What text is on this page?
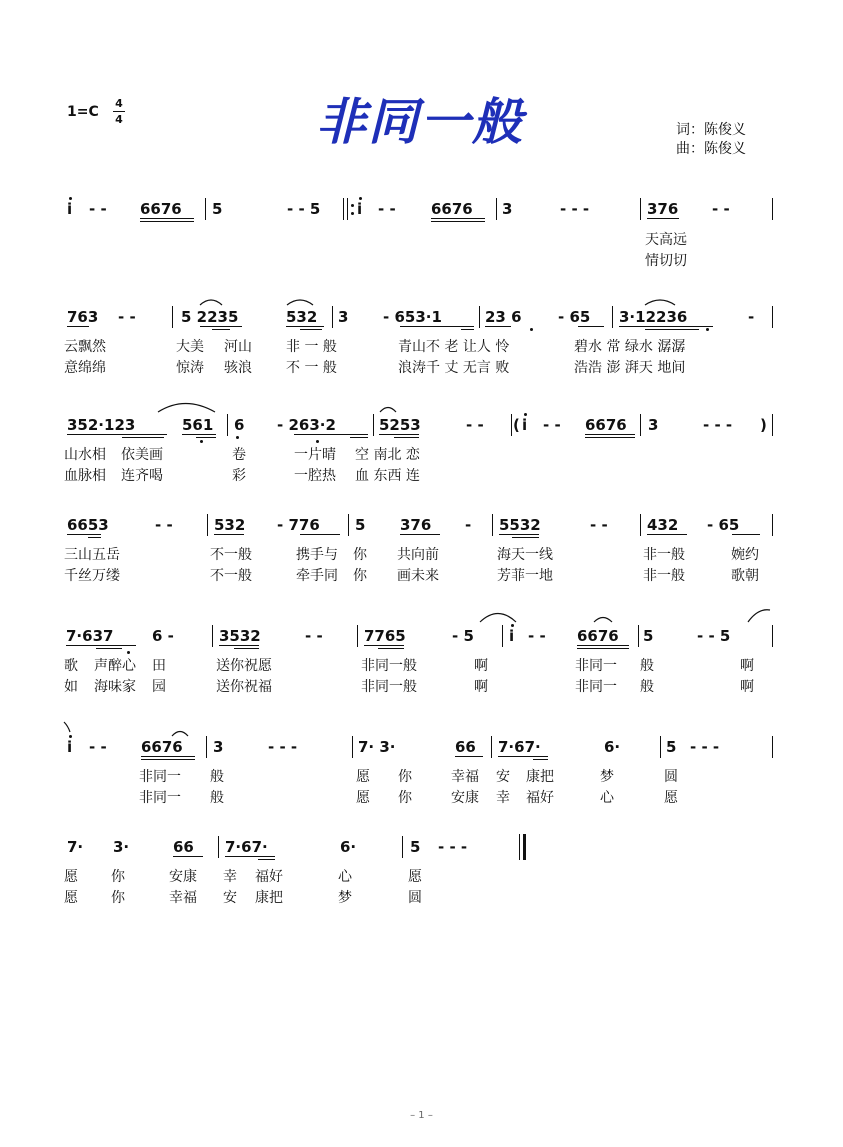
1=C
4
4	非同一般	词：陈俊义
曲：陈俊义
i - - 6676 5	- - 5 i - - 6676 3	- - -	376 - -
天高远
情切切
763 - -	5 2235	532 3 - 653·1	23 6 - 65 3·12236	-
云飘然	大美 河山 非 一 般	青山不 老 让人 怜	碧水 常 绿水 潺潺
意绵绵	惊涛 骇浪 不 一 般	浪涛千 丈 无言 败	浩浩 澎 湃天 地间
352·123	561 6 - 263·2	5253	- - ( i - - 6676 3	- - - )
山水相 依美画	卷	一片晴 空 南北 恋
血脉相 连齐喝	彩	一腔热 血 东西 连
6653	- -	532 - 776 5 376 - 5532	- -	432 - 65
三山五岳	不一般	携手与 你 共向前	海天一线	非一般	婉约
千丝万缕	不一般	牵手同 你 画未来	芳菲一地	非一般	歌朝
7·637	6 -	3532	- -	7765	- 5 i - - 6676 5	- - 5
歌 声醉心 田	送你祝愿	非同一般	啊	非同一 般	啊
如 海味家 园	送你祝福	非同一般	啊	非同一 般	啊
i - - 6676 3	- - -	7· 3·	66 7·67·	6·	5 - - -
非同一 般	愿 你	幸福 安 康把	梦	圆
非同一 般	愿 你	安康 幸 福好	心	愿
7· 3·	66 7·67·	6·	5 - - -
愿 你	安康 幸 福好	心	愿
愿 你	幸福 安 康把	梦	圆
– 1 –
